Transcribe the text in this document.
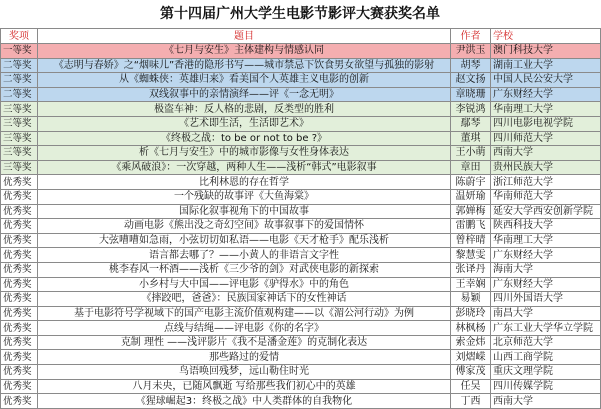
第十四届广州大学生电影节影评大赛获奖名单
奖项	题目	作者	学校
一等奖	《七月与安生》主体建构与情感认同	尹洪玉	澳门科技大学
二等奖	《志明与春娇》之“烟味儿”香港的隐形书写——城市禁忌下饮食男女欲望与孤独的影射	胡琴	湖南工业大学
二等奖	从《蜘蛛侠：英雄归来》看美国个人英雄主义电影的创新	赵文扬	中国人民公安大学
二等奖	双线叙事中的亲情演绎——评《一念无明》	章晓珊	广东财经大学
三等奖	极盗车神：反人格的悲剧，反类型的胜利	李锐鸿	华南理工大学
三等奖	《艺术即生活，生活即艺术》	鄢琴	四川电影电视学院
三等奖	《终极之战：to be or not to be ?》	董琪	四川师范大学
三等奖	析《七月与安生》中的城市影像与女性身体表达	王小萌	西南大学
三等奖	《乘风破浪》：一次穿越，两种人生——浅析“韩式”电影叙事	章田	贵州民族大学
优秀奖	比利林恩的存在哲学	陈蔚宇	浙江师范大学
优秀奖	一个残缺的故事评《大鱼海棠》	温妍瑜	华南师范大学
优秀奖	国际化叙事视角下的中国故事	郭婵梅	延安大学西安创新学院
优秀奖	动画电影《熊出没之奇幻空间》故事叙事下的爱国情怀	雷鹏飞	陕西科技大学
优秀奖	大弦嘈嘈如急雨，小弦切切如私语——电影《天才枪手》配乐浅析	曾梓晴	华南理工大学
优秀奖	语言都去哪了？——小黄人的非语言文字性	黎慧雯	广东财经大学
优秀奖	桃李春风一杯酒——浅析《三少爷的剑》对武侠电影的新探索	张译丹	海南大学
优秀奖	小乡村与大中国——评电影《驴得水》中的角色	王幸娴	广东财经大学
优秀奖	《摔跤吧，爸爸》：民族国家神话下的女性神话	易颖	四川外国语大学
优秀奖	基于电影符号学视域下的国产电影主流价值观构建——以《湄公河行动》为例	彭晓玲	南昌大学
优秀奖	点线与结绳——评电影《你的名字》	林枫杨	广东工业大学华立学院
优秀奖	克制 理性 ——浅评影片《我不是潘金莲》的克制化表达	索金炜	北京师范大学
优秀奖	那些路过的爱情	刘熠嵘	山西工商学院
优秀奖	鸟语唤回残梦，远山勒住时光	傅家茂	重庆文理学院
优秀奖	八月未央，已随风飘逝 写给那些我们初心中的英雄	任吴	四川传媒学院
优秀奖	《猩球崛起3：终极之战》中人类群体的自我物化	丁西	西南大学
